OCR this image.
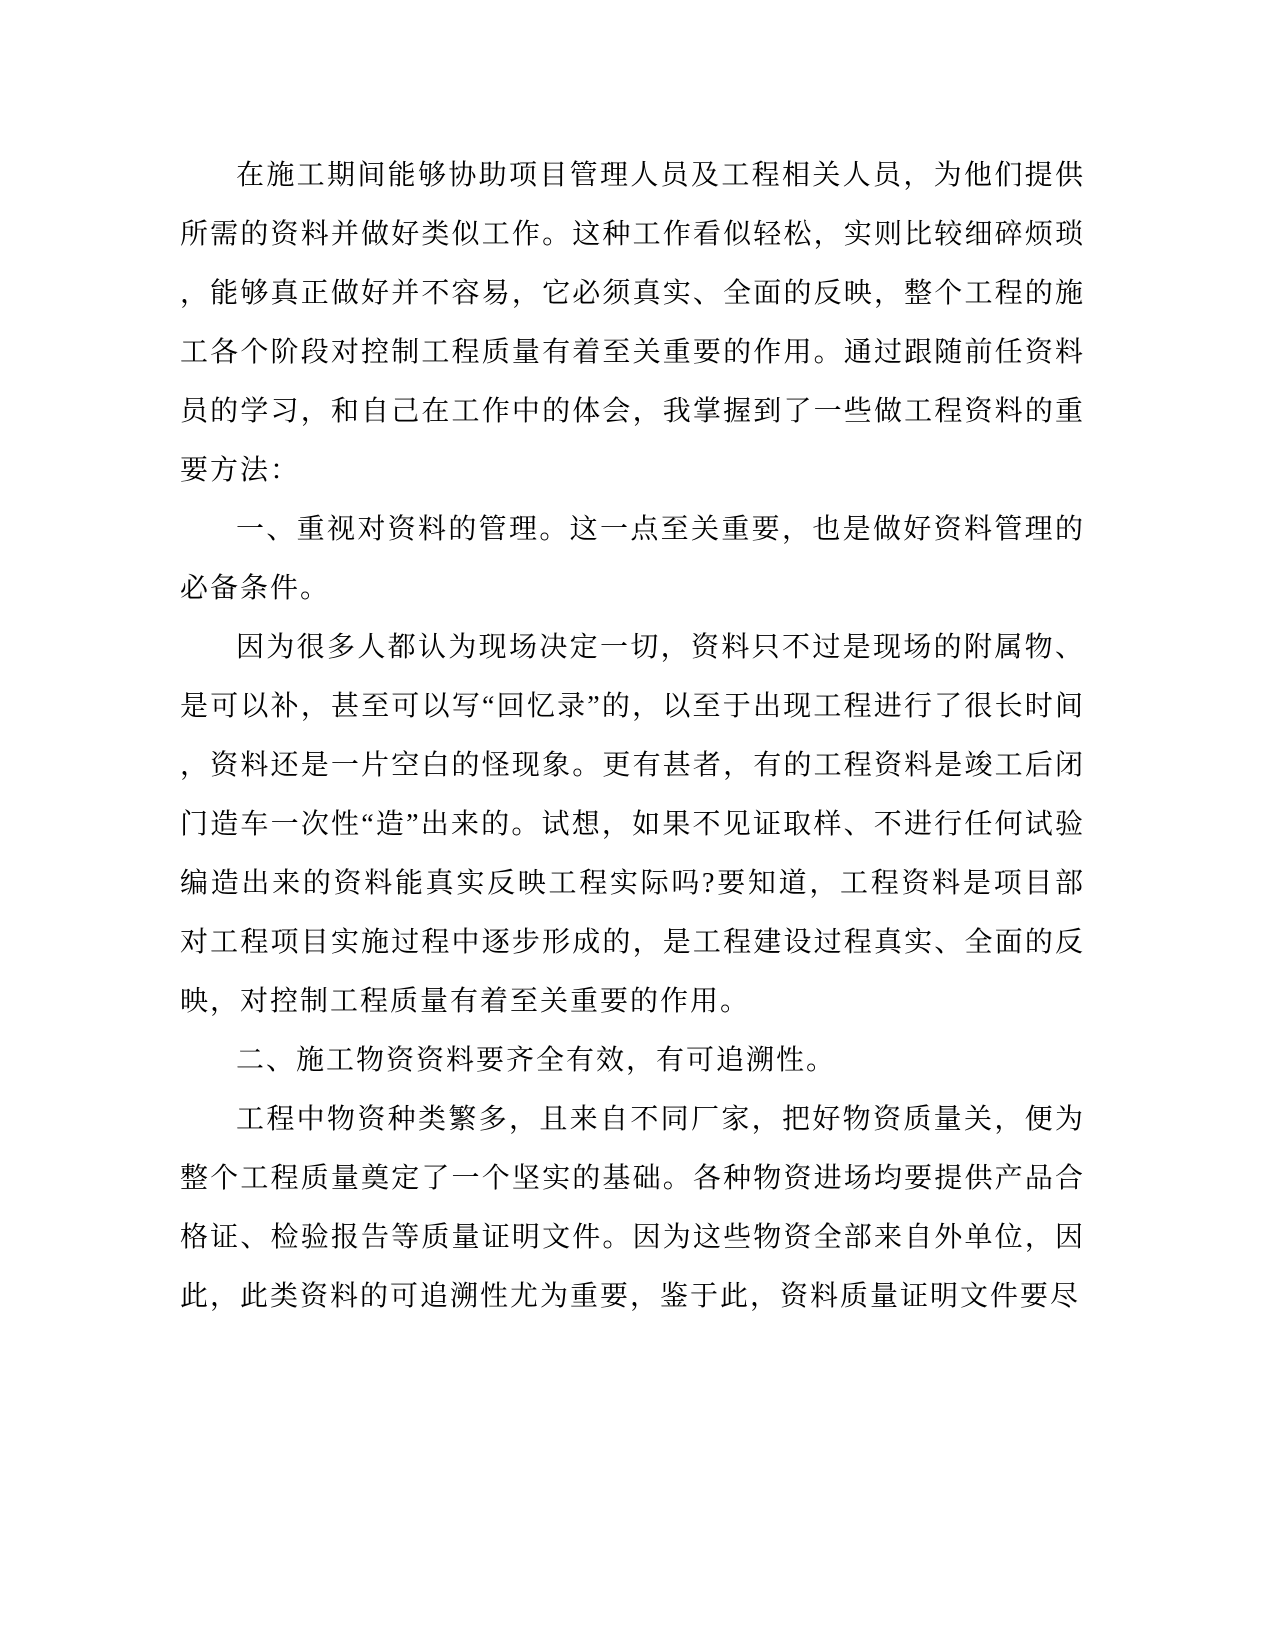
在施工期间能够协助项目管理人员及工程相关人员，为他们提供所需的资料并做好类似工作。这种工作看似轻松，实则比较细碎烦琐，能够真正做好并不容易，它必须真实、全面的反映，整个工程的施工各个阶段对控制工程质量有着至关重要的作用。通过跟随前任资料员的学习，和自己在工作中的体会，我掌握到了一些做工程资料的重要方法：

一、重视对资料的管理。这一点至关重要，也是做好资料管理的必备条件。

因为很多人都认为现场决定一切，资料只不过是现场的附属物、是可以补，甚至可以写“回忆录”的，以至于出现工程进行了很长时间，资料还是一片空白的怪现象。更有甚者，有的工程资料是竣工后闭门造车一次性“造”出来的。试想，如果不见证取样、不进行任何试验编造出来的资料能真实反映工程实际吗?要知道，工程资料是项目部对工程项目实施过程中逐步形成的，是工程建设过程真实、全面的反映，对控制工程质量有着至关重要的作用。

二、施工物资资料要齐全有效，有可追溯性。

工程中物资种类繁多，且来自不同厂家，把好物资质量关，便为整个工程质量奠定了一个坚实的基础。各种物资进场均要提供产品合格证、检验报告等质量证明文件。因为这些物资全部来自外单位，因此，此类资料的可追溯性尤为重要，鉴于此，资料质量证明文件要尽
